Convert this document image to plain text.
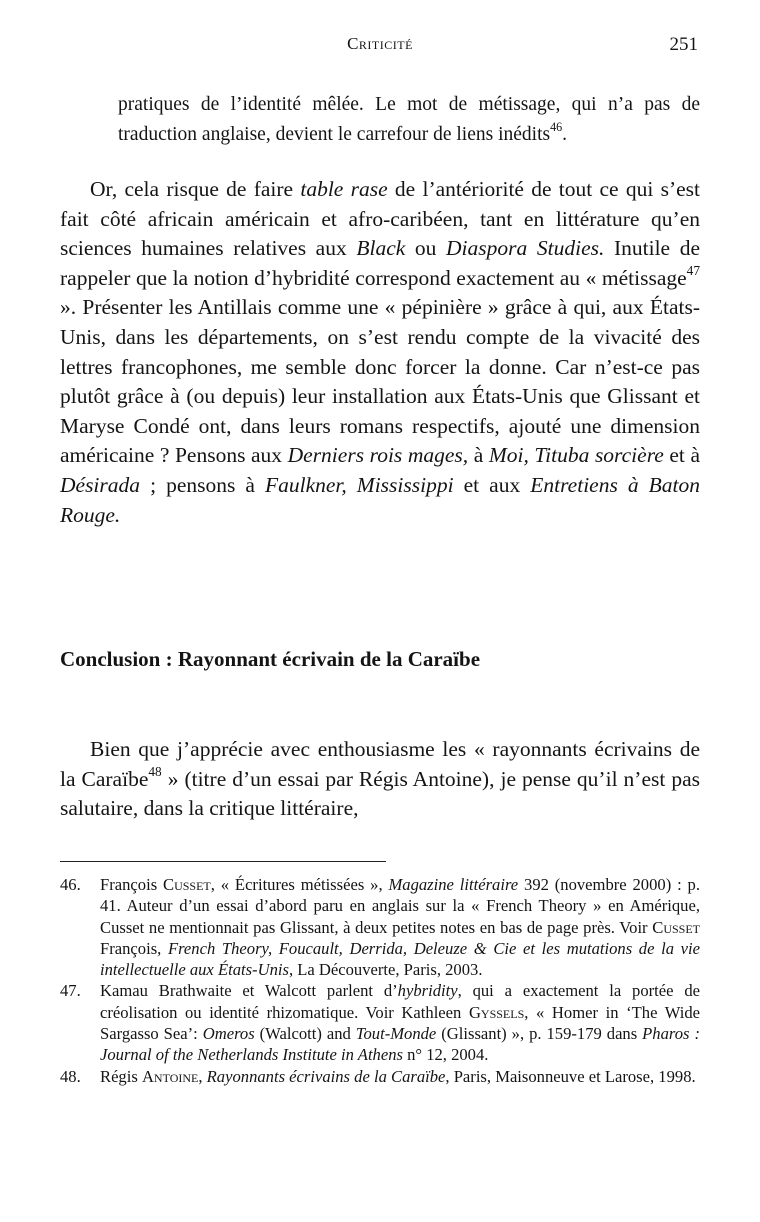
Criticité	251
pratiques de l’identité mêlée. Le mot de métissage, qui n’a pas de traduction anglaise, devient le carrefour de liens inédits$^{46}$.
Or, cela risque de faire table rase de l’antériorité de tout ce qui s’est fait côté africain américain et afro-caribéen, tant en littérature qu’en sciences humaines relatives aux Black ou Diaspora Studies. Inutile de rappeler que la notion d’hybridité correspond exactement au « métissage$^{47}$ ». Présenter les Antillais comme une « pépinière » grâce à qui, aux États-Unis, dans les départements, on s’est rendu compte de la vivacité des lettres francophones, me semble donc forcer la donne. Car n’est-ce pas plutôt grâce à (ou depuis) leur installation aux États-Unis que Glissant et Maryse Condé ont, dans leurs romans respectifs, ajouté une dimension américaine ? Pensons aux Derniers rois mages, à Moi, Tituba sorcière et à Désirada ; pensons à Faulkner, Mississippi et aux Entretiens à Baton Rouge.
Conclusion : Rayonnant écrivain de la Caraïbe
Bien que j’apprécie avec enthousiasme les « rayonnants écrivains de la Caraïbe$^{48}$ » (titre d’un essai par Régis Antoine), je pense qu’il n’est pas salutaire, dans la critique littéraire,
46.	François Cusset, « Écritures métissées », Magazine littéraire 392 (novembre 2000) : p. 41. Auteur d’un essai d’abord paru en anglais sur la « French Theory » en Amérique, Cusset ne mentionnait pas Glissant, à deux petites notes en bas de page près. Voir Cusset François, French Theory, Foucault, Derrida, Deleuze & Cie et les mutations de la vie intellectuelle aux États-Unis, La Découverte, Paris, 2003.
47.	Kamau Brathwaite et Walcott parlent d’hybridity, qui a exactement la portée de créolisation ou identité rhizomatique. Voir Kathleen Gyssels, « Homer in ‘The Wide Sargasso Sea’: Omeros (Walcott) and Tout-Monde (Glissant) », p. 159-179 dans Pharos : Journal of the Netherlands Institute in Athens n° 12, 2004.
48.	Régis Antoine, Rayonnants écrivains de la Caraïbe, Paris, Maisonneuve et Larose, 1998.
